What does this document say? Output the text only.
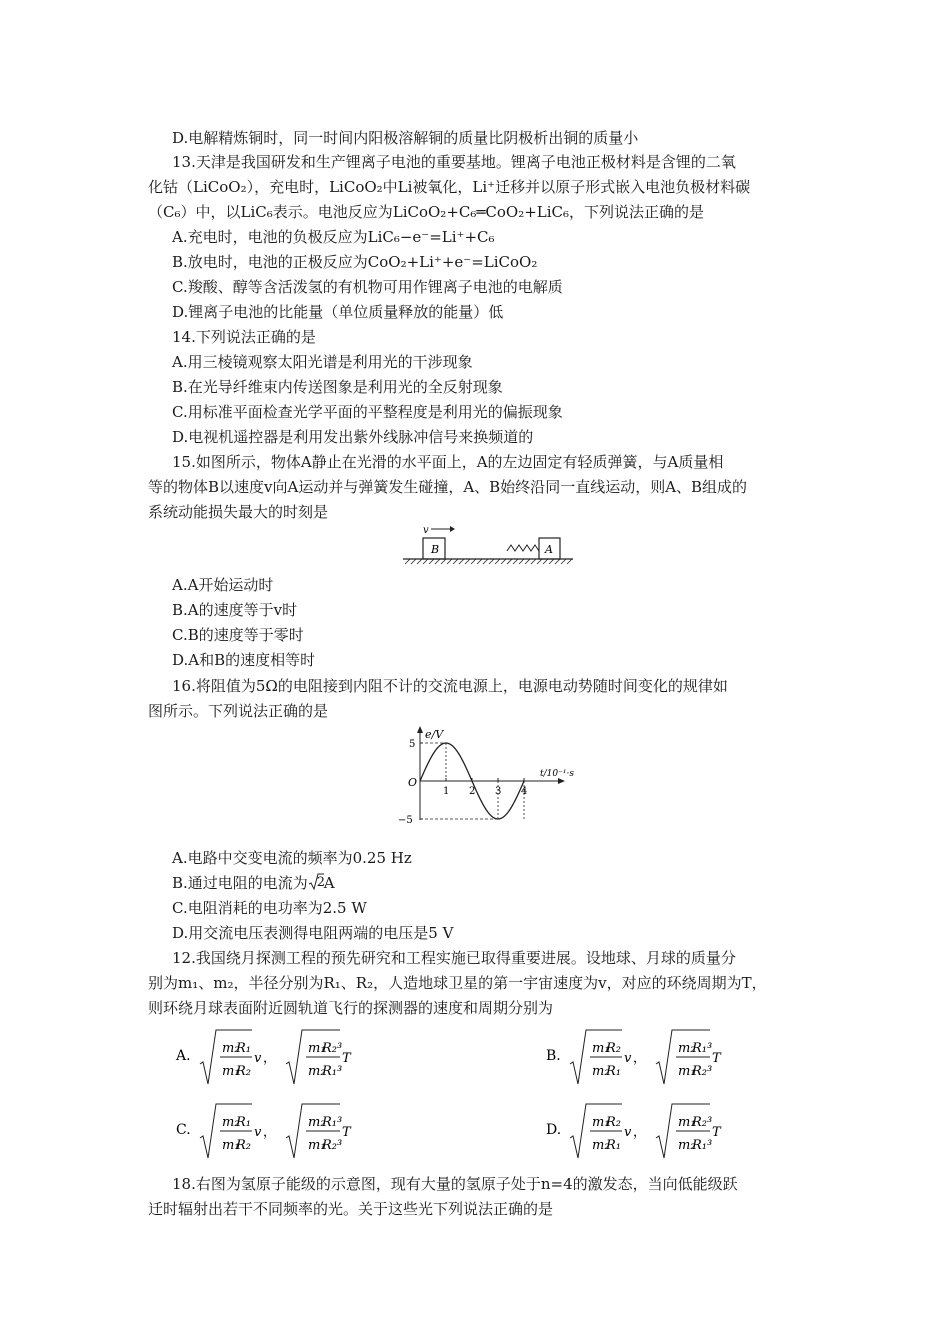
D.电解精炼铜时，同一时间内阳极溶解铜的质量比阴极析出铜的质量小
13.天津是我国研发和生产锂离子电池的重要基地。锂离子电池正极材料是含锂的二氧
化钴（LiCoO₂），充电时，LiCoO₂中Li被氧化，Li⁺迁移并以原子形式嵌入电池负极材料碳
（C₆）中，以LiC₆表示。电池反应为LiCoO₂+C₆═CoO₂+LiC₆，下列说法正确的是
A.充电时，电池的负极反应为LiC₆−e⁻=Li⁺+C₆
B.放电时，电池的正极反应为CoO₂+Li⁺+e⁻=LiCoO₂
C.羧酸、醇等含活泼氢的有机物可用作锂离子电池的电解质
D.锂离子电池的比能量（单位质量释放的能量）低
14.下列说法正确的是
A.用三棱镜观察太阳光谱是利用光的干涉现象
B.在光导纤维束内传送图象是利用光的全反射现象
C.用标准平面检查光学平面的平整程度是利用光的偏振现象
D.电视机遥控器是利用发出紫外线脉冲信号来换频道的
15.如图所示，物体A静止在光滑的水平面上，A的左边固定有轻质弹簧，与A质量相
等的物体B以速度v向A运动并与弹簧发生碰撞，A、B始终沿同一直线运动，则A、B组成的
系统动能损失最大的时刻是
v
B	A
A.A开始运动时
B.A的速度等于v时
C.B的速度等于零时
D.A和B的速度相等时
16.将阻值为5Ω的电阻接到内阻不计的交流电源上，电源电动势随时间变化的规律如
图所示。下列说法正确的是
e/V
t/10⁻¹·s
O
1 2 3 4
5
−5
A.电路中交变电流的频率为0.25 Hz
B.通过电阻的电流为 2
A
C.电阻消耗的电功率为2.5 W
D.用交流电压表测得电阻两端的电压是5 V
12.我国绕月探测工程的预先研究和工程实施已取得重要进展。设地球、月球的质量分
别为m₁、m₂，半径分别为R₁、R₂，人造地球卫星的第一宇宙速度为v，对应的环绕周期为T，
则环绕月球表面附近圆轨道飞行的探测器的速度和周期分别为
A. m₂
R₁
m₁
R₂
v ，
m₁
R₂³
m₂
R₁³
T	B. m₁
R₂
m₂
R₁
v ，
m₂
R₁³
m₁
R₂³
T
C. m₂
R₁
m₁
R₂
v ，
m₂
R₁³
m₁
R₂³
T	D. m₁
R₂
m₂
R₁
v ，
m₁
R₂³
m₂
R₁³
T
18.右图为氢原子能级的示意图，现有大量的氢原子处于n=4的激发态，当向低能级跃
迁时辐射出若干不同频率的光。关于这些光下列说法正确的是
